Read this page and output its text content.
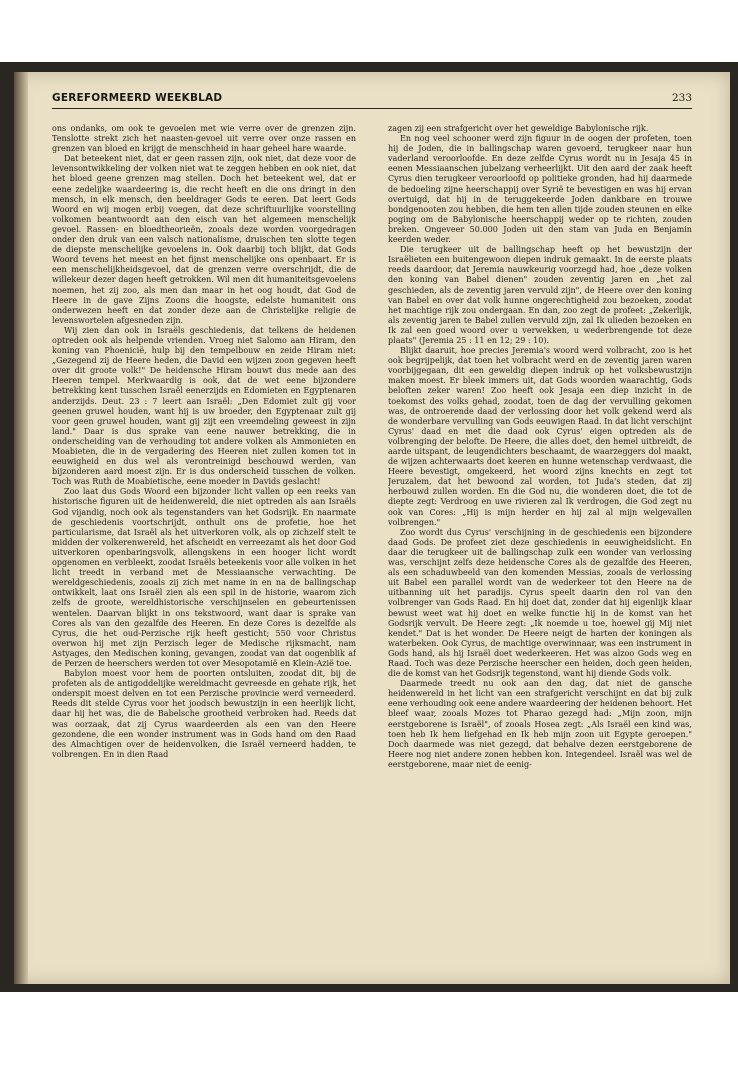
GEREFORMEERD WEEKBLAD	233

ons ondanks, om ook te gevoelen met wie verre over de grenzen zijn. Tenslotte strekt zich het naasten-gevoel uit verre over onze rassen en grenzen van bloed en krijgt de menschheid in haar geheel hare waarde.

Dat beteekent niet, dat er geen rassen zijn, ook niet, dat deze voor de levensontwikkeling der volken niet wat te zeggen hebben en ook niet, dat het bloed geene grenzen mag stellen. Doch het beteekent wel, dat er eene zedelijke waardeering is, die recht heeft en die ons dringt in den mensch, in elk mensch, den beeldrager Gods te eeren. Dat leert Gods Woord en wij mogen erbij voegen, dat deze schriftuurlijke voorstelling volkomen beantwoordt aan den eisch van het algemeen menschelijk gevoel. Rassen- en bloedtheorieën, zooals deze worden voorgedragen onder den druk van een valsch nationalisme, druischen ten slotte tegen de diepste menschelijke gevoelens in. Ook daarbij toch blijkt, dat Gods Woord tevens het meest en het fijnst menschelijke ons openbaart. Er is een menschelijkheidsgevoel, dat de grenzen verre overschrijdt, die de willekeur dezer dagen heeft getrokken. Wil men dit humaniteitsgevoelens noemen, het zij zoo, als men dan maar in het oog houdt, dat God de Heere in de gave Zijns Zoons die hoogste, edelste humaniteit ons onderwezen heeft en dat zonder deze aan de Christelijke religie de levenswortelen afgesneden zijn.

Wij zien dan ook in Israëls geschiedenis, dat telkens de heidenen optreden ook als helpende vrienden. Vroeg niet Salomo aan Hiram, den koning van Phoenicië, hulp bij den tempelbouw en zeide Hiram niet: „Gezegend zij de Heere heden, die David een wijzen zoon gegeven heeft over dit groote volk!" De heidensche Hiram bouwt dus mede aan des Heeren tempel. Merkwaardig is ook, dat de wet eene bijzondere betrekking kent tusschen Israël eenerzijds en Edomieten en Egyptenaren anderzijds. Deut. 23 : 7 leert aan Israël: „Den Edomiet zult gij voor geenen gruwel houden, want hij is uw broeder, den Egyptenaar zult gij voor geen gruwel houden, want gij zijt een vreemdeling geweest in zijn land." Daar is dus sprake van eene nauwer betrekking, die in onderscheiding van de verhouding tot andere volken als Ammonieten en Moabieten, die in de vergadering des Heeren niet zullen komen tot in eeuwigheid en dus wel als verontreinigd beschouwd werden, van bijzonderen aard moest zijn. Er is dus onderscheid tusschen de volken. Toch was Ruth de Moabietische, eene moeder in Davids geslacht!

Zoo laat dus Gods Woord een bijzonder licht vallen op een reeks van historische figuren uit de heidenwereld, die niet optreden als aan Israëls God vijandig, noch ook als tegenstanders van het Godsrijk. En naarmate de geschiedenis voortschrijdt, onthult ons de profetie, hoe het particularisme, dat Israël als het uitverkoren volk, als op zichzelf stelt te midden der volkerenwereld, het afscheidt en verreezamt als het door God uitverkoren openbaringsvolk, allengskens in een hooger licht wordt opgenomen en verbleekt, zoodat Israëls beteekenis voor alle volken in het licht treedt in verband met de Messiaansche verwachting. De wereldgeschiedenis, zooals zij zich met name in en na de ballingschap ontwikkelt, laat ons Israël zien als een spil in de historie, waarom zich zelfs de groote, wereldhistorische verschijnselen en gebeurtenissen wentelen. Daarvan blijkt in ons tekstwoord, want daar is sprake van Cores als van den gezalfde des Heeren. En deze Cores is dezelfde als Cyrus, die het oud-Perzische rijk heeft gesticht; 550 voor Christus overwon hij met zijn Perzisch leger de Medische rijksmacht, nam Astyages, den Medischen koning, gevangen, zoodat van dat oogenblik af de Perzen de heerschers werden tot over Mesopotamië en Klein-Azië toe.

Babylon moest voor hem de poorten ontsluiten, zoodat dit, bij de profeten als de antigoddelijke wereldmacht gevreesde en gehate rijk, het onderspit moest delven en tot een Perzische provincie werd verneederd. Reeds dit stelde Cyrus voor het joodsch bewustzijn in een heerlijk licht, daar hij het was, die de Babelsche grootheid verbroken had. Reeds dat was oorzaak, dat zij Cyrus waardeerden als een van den Heere gezondene, die een wonder instrument was in Gods hand om den Raad des Almachtigen over de heidenvolken, die Israël verneerd hadden, te volbrengen. En in dien Raad

zagen zij een strafgericht over het geweldige Babylonische rijk.

En nog veel schooner werd zijn figuur in de oogen der profeten, toen hij de Joden, die in ballingschap waren gevoerd, terugkeer naar hun vaderland veroorloofde. En deze zelfde Cyrus wordt nu in Jesaja 45 in eenen Messiaanschen jubelzang verheerlijkt. Uit den aard der zaak heeft Cyrus dien terugkeer veroorloofd op politieke gronden, had hij daarmede de bedoeling zijne heerschappij over Syrië te bevestigen en was hij ervan overtuigd, dat hij in de teruggekeerde Joden dankbare en trouwe bondgenooten zou hebben, die hem ten allen tijde zouden steunen en elke poging om de Babylonische heerschappij weder op te richten, zouden breken. Ongeveer 50.000 Joden uit den stam van Juda en Benjamin keerden weder.

Die terugkeer uit de ballingschap heeft op het bewustzijn der Israëlieten een buitengewoon diepen indruk gemaakt. In de eerste plaats reeds daardoor, dat Jeremia nauwkeurig voorzegd had, hoe „deze volken den koning van Babel dienen" zouden zeventig jaren en „het zal geschieden, als de zeventig jaren vervuld zijn", de Heere over den koning van Babel en over dat volk hunne ongerechtigheid zou bezoeken, zoodat het machtige rijk zou ondergaan. En dan, zoo zegt de profeet: „Zekerlijk, als zeventig jaren te Babel zullen vervuld zijn, zal Ik ulieden bezoeken en Ik zal een goed woord over u verwekken, u wederbrengende tot deze plaats" (Jeremia 25 : 11 en 12; 29 : 10).

Blijkt daaruit, hoe precies Jeremia's woord werd volbracht, zoo is het ook begrijpelijk, dat toen het volbracht werd en de zeventig jaren waren voorbijgegaan, dit een geweldig diepen indruk op het volksbewustzijn maken moest. Er bleek immers uit, dat Gods woorden waarachtig, Gods beloften zeker waren! Zoo heeft ook Jesaja een diep inzicht in de toekomst des volks gehad, zoodat, toen de dag der vervulling gekomen was, de ontroerende daad der verlossing door het volk gekend werd als de wonderbare vervulling van Gods eeuwigen Raad. In dat licht verschijnt Cyrus' daad en met die daad ook Cyrus' eigen optreden als de volbrenging der belofte. De Heere, die alles doet, den hemel uitbreidt, de aarde uitspant, de leugendichters beschaamt, de waarzeggers dol maakt, de wijzen achterwaarts doet keeren en hunne wetenschap verdwaast, die Heere bevestigt, omgekeerd, het woord zijns knechts en zegt tot Jeruzalem, dat het bewoond zal worden, tot Juda's steden, dat zij herbouwd zullen worden. En die God nu, die wonderen doet, die tot de diepte zegt: Verdroog en uwe rivieren zal Ik verdrogen, die God zegt nu ook van Cores: „Hij is mijn herder en hij zal al mijn welgevallen volbrengen."

Zoo wordt dus Cyrus' verschijning in de geschiedenis een bijzondere daad Gods. De profeet ziet deze geschiedenis in eeuwigheidslicht. En daar die terugkeer uit de ballingschap zulk een wonder van verlossing was, verschijnt zelfs deze heidensche Cores als de gezalfde des Heeren, als een schaduwbeeld van den komenden Messias, zooals de verlossing uit Babel een parallel wordt van de wederkeer tot den Heere na de uitbanning uit het paradijs. Cyrus speelt daarin den rol van den volbrenger van Gods Raad. En hij doet dat, zonder dat hij eigenlijk klaar bewust weet wat hij doet en welke functie hij in de komst van het Godsrijk vervult. De Heere zegt: „Ik noemde u toe, hoewel gij Mij niet kendet." Dat is het wonder. De Heere neigt de harten der koningen als waterbeken. Ook Cyrus, de machtige overwinnaar, was een instrument in Gods hand, als hij Israël doet wederkeeren. Het was alzoo Gods weg en Raad. Toch was deze Perzische heerscher een heiden, doch geen heiden, die de komst van het Godsrijk tegenstond, want hij diende Gods volk.

Daarmede treedt nu ook aan den dag, dat niet de gansche heidenwereld in het licht van een strafgericht verschijnt en dat bij zulk eene verhouding ook eene andere waardeering der heidenen behoort. Het bleef waar, zooals Mozes tot Pharao gezegd had: „Mijn zoon, mijn eerstgeborene is Israël", of zooals Hosea zegt: „Als Israël een kind was, toen heb Ik hem liefgehad en Ik heb mijn zoon uit Egypte geroepen." Doch daarmede was niet gezegd, dat behalve dezen eerstgeborene de Heere nog niet andere zonen hebben kon. Integendeel. Israël was wel de eerstgeborene, maar niet de eenig-
